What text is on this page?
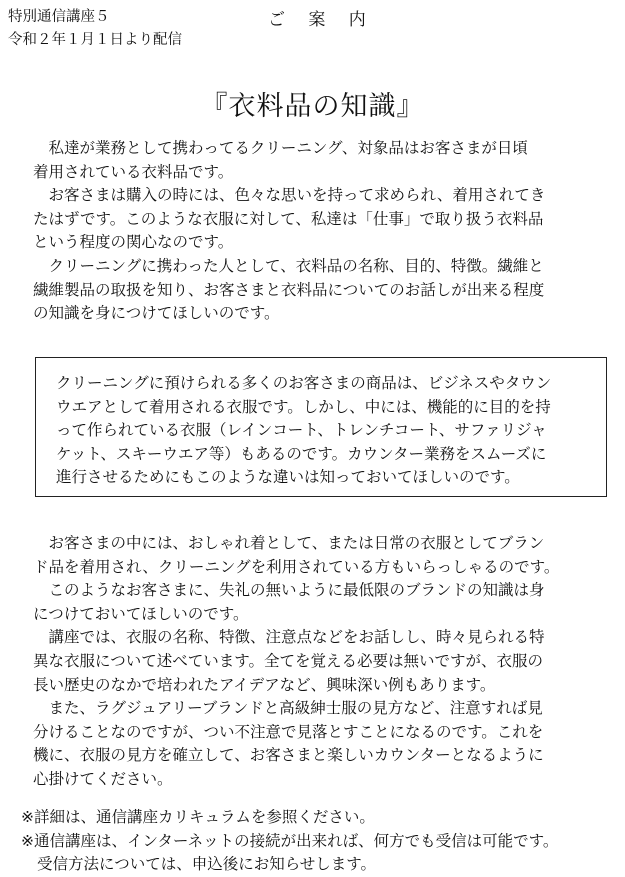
特別通信講座５
令和２年１月１日より配信
ご 案 内
『衣料品の知識』

私達が業務として携わってるクリーニング、対象品はお客さまが日頃
着用されている衣料品です。

お客さまは購入の時には、色々な思いを持って求められ、着用されてき
たはずです。このような衣服に対して、私達は「仕事」で取り扱う衣料品
という程度の関心なのです。

クリーニングに携わった人として、衣料品の名称、目的、特徴。繊維と
繊維製品の取扱を知り、お客さまと衣料品についてのお話しが出来る程度
の知識を身につけてほしいのです。

クリーニングに預けられる多くのお客さまの商品は、ビジネスやタウン
ウエアとして着用される衣服です。しかし、中には、機能的に目的を持
って作られている衣服（レインコート、トレンチコート、サファリジャ
ケット、スキーウエア等）もあるのです。カウンター業務をスムーズに
進行させるためにもこのような違いは知っておいてほしいのです。

お客さまの中には、おしゃれ着として、または日常の衣服としてブラン
ド品を着用され、クリーニングを利用されている方もいらっしゃるのです。

このようなお客さまに、失礼の無いように最低限のブランドの知識は身
につけておいてほしいのです。

講座では、衣服の名称、特徴、注意点などをお話しし、時々見られる特
異な衣服について述べています。全てを覚える必要は無いですが、衣服の
長い歴史のなかで培われたアイデアなど、興味深い例もあります。

また、ラグジュアリーブランドと高級紳士服の見方など、注意すれば見
分けることなのですが、つい不注意で見落とすことになるのです。これを
機に、衣服の見方を確立して、お客さまと楽しいカウンターとなるように
心掛けてください。

※詳細は、通信講座カリキュラムを参照ください。
※通信講座は、インターネットの接続が出来れば、何方でも受信は可能です。
受信方法については、申込後にお知らせします。
